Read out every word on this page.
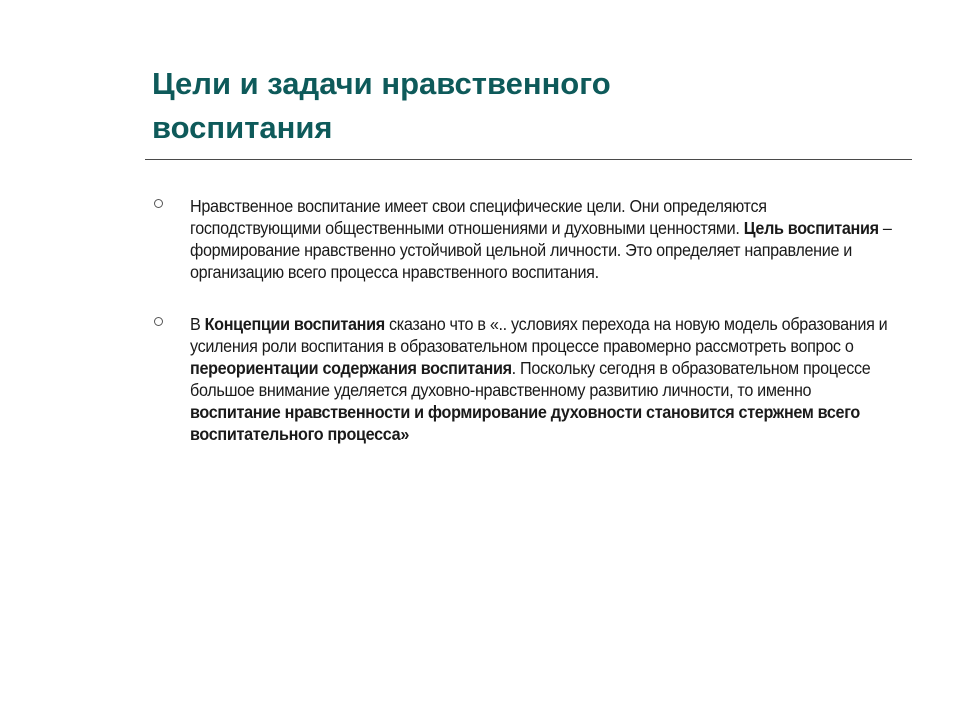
Цели и задачи нравственного
воспитания
Нравственное воспитание имеет свои специфические цели. Они определяются господствующими общественными отношениями и духовными ценностями. Цель воспитания – формирование нравственно устойчивой цельной личности. Это определяет направление и организацию всего процесса нравственного воспитания.
В Концепции воспитания сказано что в «.. условиях перехода на новую модель образования и усиления роли воспитания в образовательном процессе правомерно рассмотреть вопрос о переориентации содержания воспитания. Поскольку сегодня в образовательном процессе большое внимание уделяется духовно-нравственному развитию личности, то именно воспитание нравственности и формирование духовности становится стержнем всего воспитательного процесса»
